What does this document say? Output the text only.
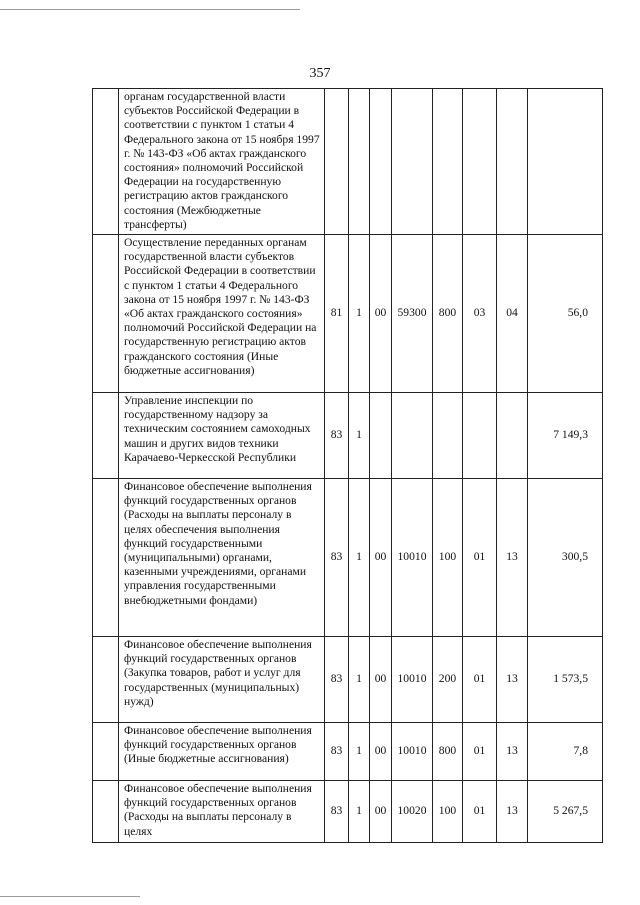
357
	органам государственной власти субъектов Российской Федерации в соответствии с пунктом 1 статьи 4 Федерального закона от 15 ноября 1997 г. № 143-ФЗ «Об актах гражданского состояния» полномочий Российской Федерации на государственную регистрацию актов гражданского состояния (Межбюджетные трансферты)								
	Осуществление переданных органам государственной власти субъектов Российской Федерации в соответствии с пунктом 1 статьи 4 Федерального закона от 15 ноября 1997 г. № 143-ФЗ «Об актах гражданского состояния» полномочий Российской Федерации на государственную регистрацию актов гражданского состояния (Иные бюджетные ассигнования)	81	1	00	59300	800	03	04	56,0
	Управление инспекции по государственному надзору за техническим состоянием самоходных машин и других видов техники Карачаево-Черкесской Республики	83	1						7 149,3
	Финансовое обеспечение выполнения функций государственных органов (Расходы на выплаты персоналу в целях обеспечения выполнения функций государственными (муниципальными) органами, казенными учреждениями, органами управления государственными внебюджетными фондами)	83	1	00	10010	100	01	13	300,5
	Финансовое обеспечение выполнения функций государственных органов (Закупка товаров, работ и услуг для государственных (муниципальных) нужд)	83	1	00	10010	200	01	13	1 573,5
	Финансовое обеспечение выполнения функций государственных органов (Иные бюджетные ассигнования)	83	1	00	10010	800	01	13	7,8
	Финансовое обеспечение выполнения функций государственных органов (Расходы на выплаты персоналу в целях	83	1	00	10020	100	01	13	5 267,5
